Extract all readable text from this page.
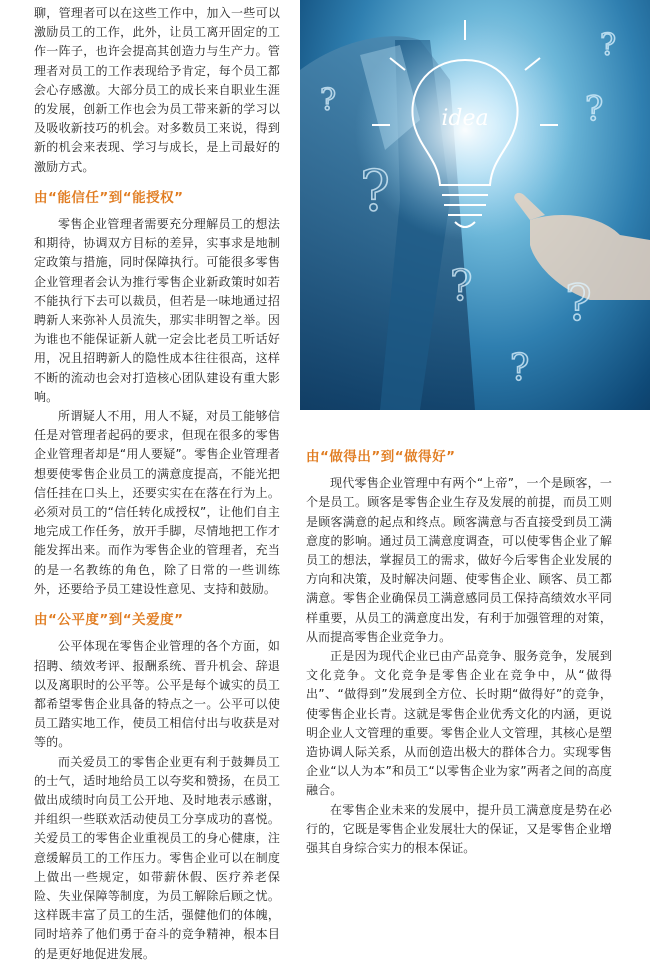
idea
?
? ?
?
?
?
?

聊，管理者可以在这些工作中，加入一些可以激励员工的工作，此外，让员工离开固定的工作一阵子，也许会提高其创造力与生产力。管理者对员工的工作表现给予肯定，每个员工都会心存感激。大部分员工的成长来自职业生涯的发展，创新工作也会为员工带来新的学习以及吸收新技巧的机会。对多数员工来说，得到新的机会来表现、学习与成长，是上司最好的激励方式。

由“能信任”到“能授权”

零售企业管理者需要充分理解员工的想法和期待，协调双方目标的差异，实事求是地制定政策与措施，同时保障执行。可能很多零售企业管理者会认为推行零售企业新政策时如若不能执行下去可以裁员，但若是一味地通过招聘新人来弥补人员流失，那实非明智之举。因为谁也不能保证新人就一定会比老员工听话好用，况且招聘新人的隐性成本往往很高，这样不断的流动也会对打造核心团队建设有重大影响。

所谓疑人不用，用人不疑，对员工能够信任是对管理者起码的要求，但现在很多的零售企业管理者却是“用人要疑”。零售企业管理者想要使零售企业员工的满意度提高，不能光把信任挂在口头上，还要实实在在落在行为上。必须对员工的“信任转化成授权”，让他们自主地完成工作任务，放开手脚，尽情地把工作才能发挥出来。而作为零售企业的管理者，充当的是一名教练的角色，除了日常的一些训练外，还要给予员工建设性意见、支持和鼓励。

由“公平度”到“关爱度”

公平体现在零售企业管理的各个方面，如招聘、绩效考评、报酬系统、晋升机会、辞退以及离职时的公平等。公平是每个诚实的员工都希望零售企业具备的特点之一。公平可以使员工踏实地工作，使员工相信付出与收获是对等的。

而关爱员工的零售企业更有利于鼓舞员工的士气，适时地给员工以夸奖和赞扬，在员工做出成绩时向员工公开地、及时地表示感谢，并组织一些联欢活动使员工分享成功的喜悦。关爱员工的零售企业重视员工的身心健康，注意缓解员工的工作压力。零售企业可以在制度上做出一些规定，如带薪休假、医疗养老保险、失业保障等制度，为员工解除后顾之忧。这样既丰富了员工的生活，强健他们的体魄，同时培养了他们勇于奋斗的竞争精神，根本目的是更好地促进发展。

由“做得出”到“做得好”

现代零售企业管理中有两个“上帝”，一个是顾客，一个是员工。顾客是零售企业生存及发展的前提，而员工则是顾客满意的起点和终点。顾客满意与否直接受到员工满意度的影响。通过员工满意度调查，可以使零售企业了解员工的想法，掌握员工的需求，做好今后零售企业发展的方向和决策，及时解决问题、使零售企业、顾客、员工都满意。零售企业确保员工满意感同员工保持高绩效水平同样重要，从员工的满意度出发，有利于加强管理的对策，从而提高零售企业竞争力。

正是因为现代企业已由产品竞争、服务竞争，发展到文化竞争。文化竞争是零售企业在竞争中，从“做得出”、“做得到”发展到全方位、长时期“做得好”的竞争，使零售企业长青。这就是零售企业优秀文化的内涵，更说明企业人文管理的重要。零售企业人文管理，其核心是塑造协调人际关系，从而创造出极大的群体合力。实现零售企业“以人为本”和员工“以零售企业为家”两者之间的高度融合。

在零售企业未来的发展中，提升员工满意度是势在必行的，它既是零售企业发展壮大的保证，又是零售企业增强其自身综合实力的根本保证。
